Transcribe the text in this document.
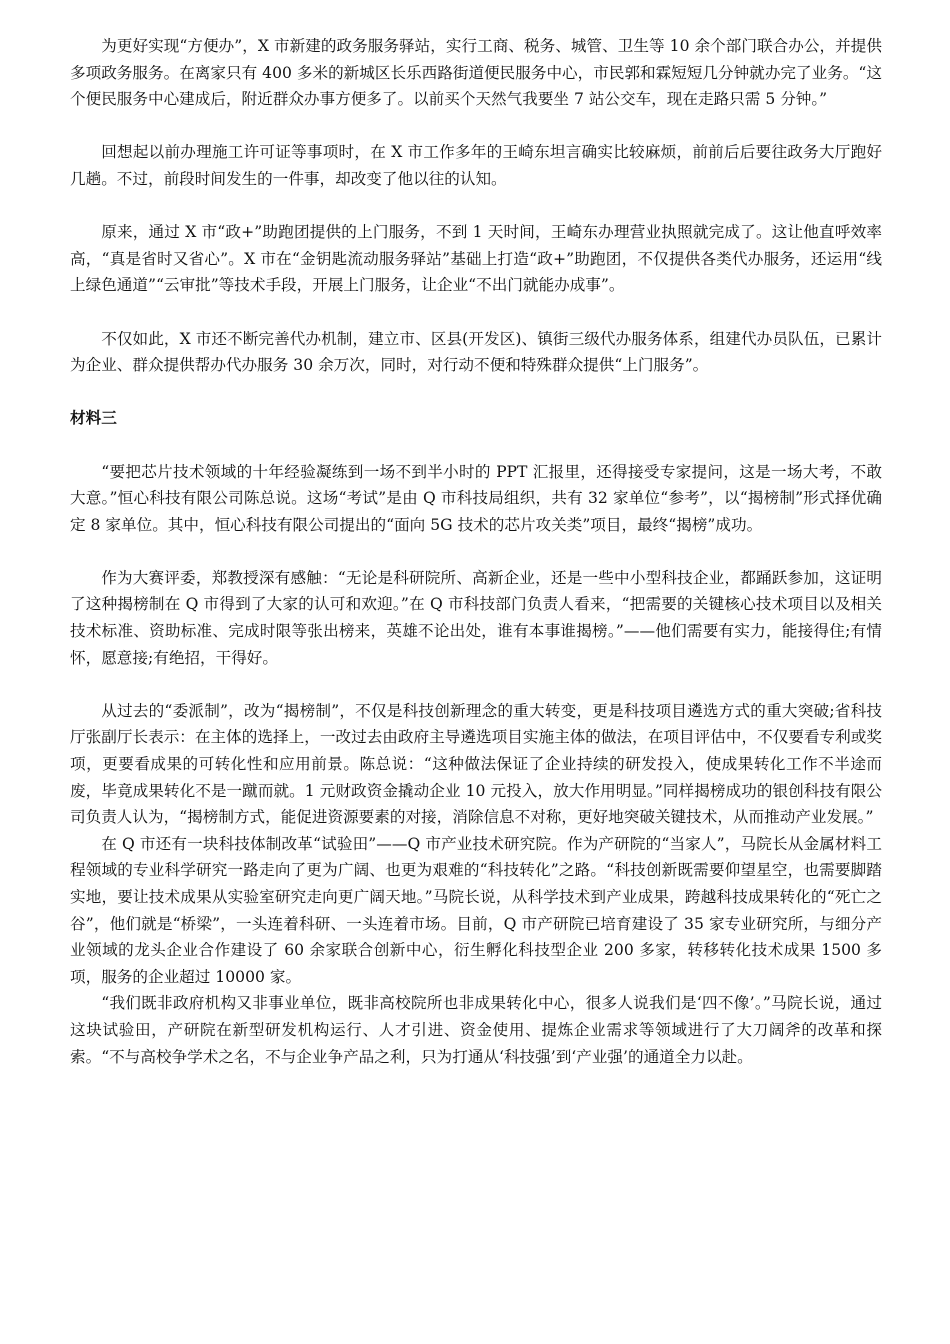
为更好实现“方便办”，X 市新建的政务服务驿站，实行工商、税务、城管、卫生等 10 余个部门联合办公，并提供多项政务服务。在离家只有 400 多米的新城区长乐西路街道便民服务中心，市民郭和霖短短几分钟就办完了业务。“这个便民服务中心建成后，附近群众办事方便多了。以前买个天然气我要坐 7 站公交车，现在走路只需 5 分钟。”

回想起以前办理施工许可证等事项时，在 X 市工作多年的王崎东坦言确实比较麻烦，前前后后要往政务大厅跑好几趟。不过，前段时间发生的一件事，却改变了他以往的认知。

原来，通过 X 市“政+”助跑团提供的上门服务，不到 1 天时间，王崎东办理营业执照就完成了。这让他直呼效率高，“真是省时又省心”。X 市在“金钥匙流动服务驿站”基础上打造“政+”助跑团，不仅提供各类代办服务，还运用“线上绿色通道”“云审批”等技术手段，开展上门服务，让企业“不出门就能办成事”。

不仅如此，X 市还不断完善代办机制，建立市、区县(开发区)、镇街三级代办服务体系，组建代办员队伍，已累计为企业、群众提供帮办代办服务 30 余万次，同时，对行动不便和特殊群众提供“上门服务”。

材料三

“要把芯片技术领域的十年经验凝练到一场不到半小时的 PPT 汇报里，还得接受专家提问，这是一场大考，不敢大意。”恒心科技有限公司陈总说。这场“考试”是由 Q 市科技局组织，共有 32 家单位“参考”，以“揭榜制”形式择优确定 8 家单位。其中，恒心科技有限公司提出的“面向 5G 技术的芯片攻关类”项目，最终“揭榜”成功。

作为大赛评委，郑教授深有感触：“无论是科研院所、高新企业，还是一些中小型科技企业，都踊跃参加，这证明了这种揭榜制在 Q 市得到了大家的认可和欢迎。”在 Q 市科技部门负责人看来，“把需要的关键核心技术项目以及相关技术标准、资助标准、完成时限等张出榜来，英雄不论出处，谁有本事谁揭榜。”——他们需要有实力，能接得住;有情怀，愿意接;有绝招，干得好。

从过去的“委派制”，改为“揭榜制”，不仅是科技创新理念的重大转变，更是科技项目遴选方式的重大突破;省科技厅张副厅长表示：在主体的选择上，一改过去由政府主导遴选项目实施主体的做法，在项目评估中，不仅要看专利或奖项，更要看成果的可转化性和应用前景。陈总说：“这种做法保证了企业持续的研发投入，使成果转化工作不半途而废，毕竟成果转化不是一蹴而就。1 元财政资金撬动企业 10 元投入，放大作用明显。”同样揭榜成功的银创科技有限公司负责人认为，“揭榜制方式，能促进资源要素的对接，消除信息不对称，更好地突破关键技术，从而推动产业发展。”

在 Q 市还有一块科技体制改革“试验田”——Q 市产业技术研究院。作为产研院的“当家人”，马院长从金属材料工程领域的专业科学研究一路走向了更为广阔、也更为艰难的“科技转化”之路。“科技创新既需要仰望星空，也需要脚踏实地，要让技术成果从实验室研究走向更广阔天地。”马院长说，从科学技术到产业成果，跨越科技成果转化的“死亡之谷”，他们就是“桥梁”，一头连着科研、一头连着市场。目前，Q 市产研院已培育建设了 35 家专业研究所，与细分产业领域的龙头企业合作建设了 60 余家联合创新中心，衍生孵化科技型企业 200 多家，转移转化技术成果 1500 多项，服务的企业超过 10000 家。

“我们既非政府机构又非事业单位，既非高校院所也非成果转化中心，很多人说我们是‘四不像’。”马院长说，通过这块试验田，产研院在新型研发机构运行、人才引进、资金使用、提炼企业需求等领域进行了大刀阔斧的改革和探索。“不与高校争学术之名，不与企业争产品之利，只为打通从‘科技强’到‘产业强’的通道全力以赴。
